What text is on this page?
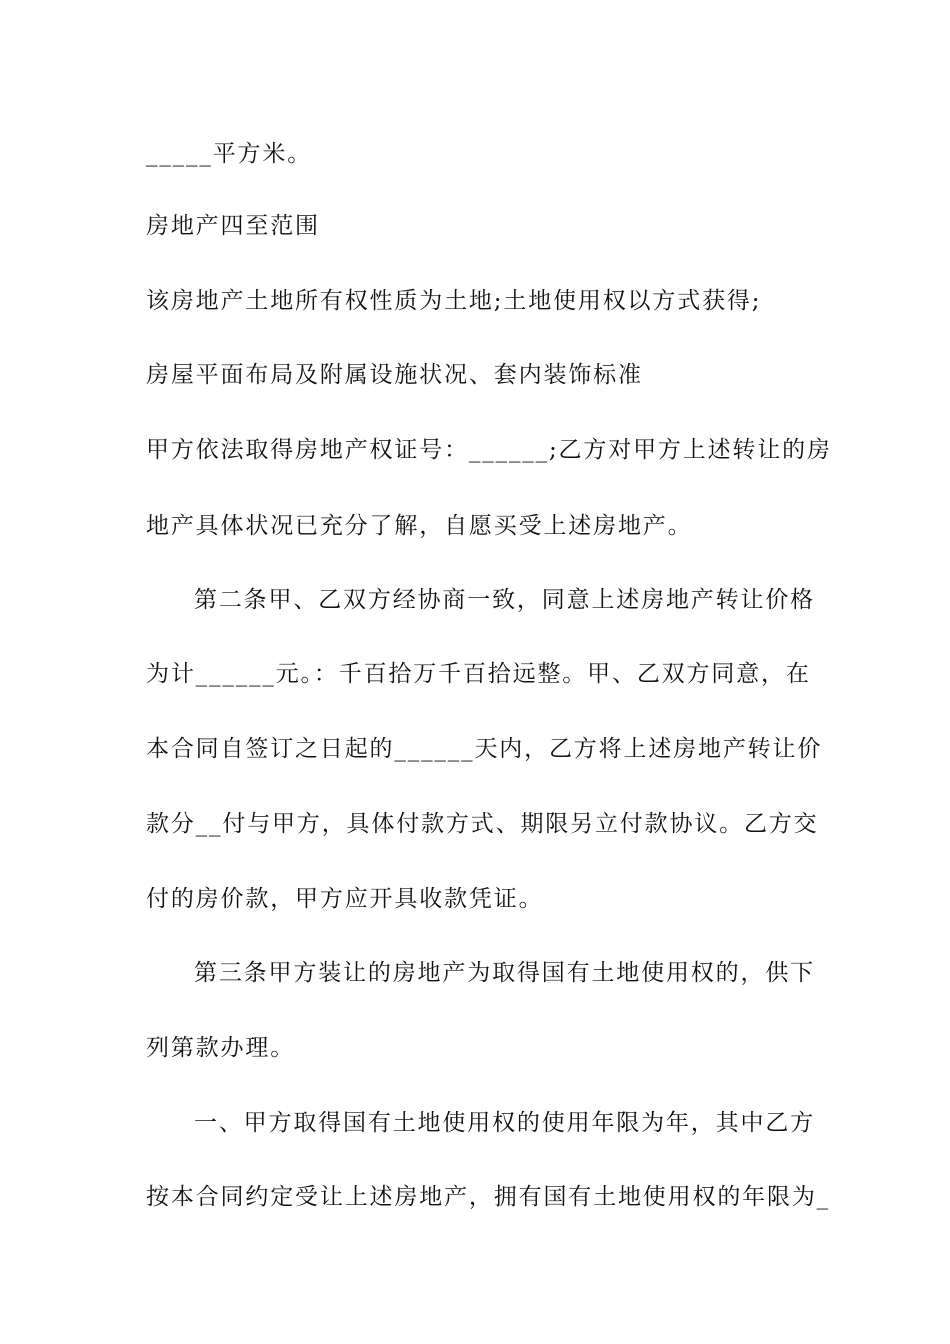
_____平方米。
房地产四至范围
该房地产土地所有权性质为土地;土地使用权以方式获得;
房屋平面布局及附属设施状况、套内装饰标准
甲方依法取得房地产权证号：______;乙方对甲方上述转让的房
地产具体状况已充分了解，自愿买受上述房地产。
第二条甲、乙双方经协商一致，同意上述房地产转让价格
为计______元。：千百拾万千百拾远整。甲、乙双方同意，在
本合同自签订之日起的______天内，乙方将上述房地产转让价
款分__付与甲方，具体付款方式、期限另立付款协议。乙方交
付的房价款，甲方应开具收款凭证。
第三条甲方装让的房地产为取得国有土地使用权的，供下
列第款办理。
一、甲方取得国有土地使用权的使用年限为年，其中乙方
按本合同约定受让上述房地产，拥有国有土地使用权的年限为_
